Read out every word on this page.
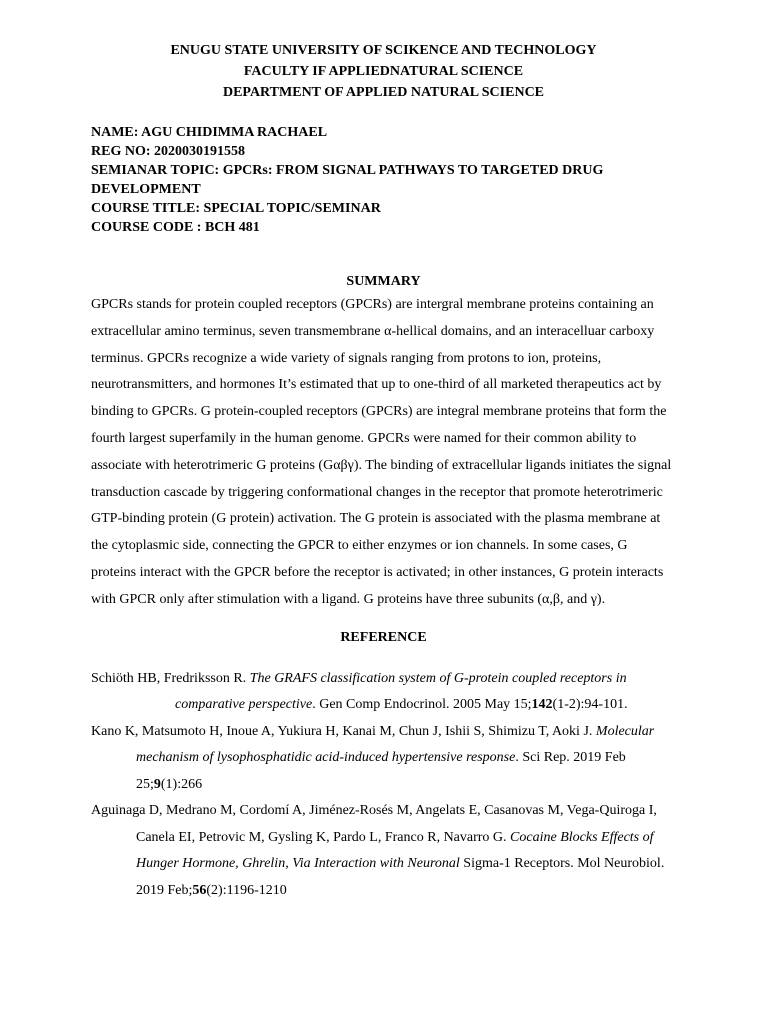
ENUGU STATE UNIVERSITY OF SCIKENCE AND TECHNOLOGY

FACULTY IF APPLIEDNATURAL SCIENCE

DEPARTMENT OF APPLIED NATURAL SCIENCE

NAME: AGU CHIDIMMA RACHAEL

REG NO: 2020030191558

SEMIANAR TOPIC: GPCRs: FROM SIGNAL PATHWAYS TO TARGETED DRUG

DEVELOPMENT

COURSE TITLE: SPECIAL TOPIC/SEMINAR

COURSE CODE : BCH 481

SUMMARY

GPCRs stands for protein coupled receptors (GPCRs) are intergral membrane proteins containing an extracellular amino terminus, seven transmembrane α-hellical domains, and an interacelluar carboxy terminus. GPCRs recognize a wide variety of signals ranging from protons to ion, proteins, neurotransmitters, and hormones It’s estimated that up to one-third of all marketed therapeutics act by binding to GPCRs. G protein-coupled receptors (GPCRs) are integral membrane proteins that form the fourth largest superfamily in the human genome. GPCRs were named for their common ability to associate with heterotrimeric G proteins (Gαβγ). The binding of extracellular ligands initiates the signal transduction cascade by triggering conformational changes in the receptor that promote heterotrimeric GTP-binding protein (G protein) activation. The G protein is associated with the plasma membrane at the cytoplasmic side, connecting the GPCR to either enzymes or ion channels. In some cases, G proteins interact with the GPCR before the receptor is activated; in other instances, G protein interacts with GPCR only after stimulation with a ligand. G proteins have three subunits (α,β, and γ).

REFERENCE

Schiöth HB, Fredriksson R. The GRAFS classification system of G-protein coupled receptors in comparative perspective. Gen Comp Endocrinol. 2005 May 15;142(1-2):94-101.

Kano K, Matsumoto H, Inoue A, Yukiura H, Kanai M, Chun J, Ishii S, Shimizu T, Aoki J. Molecular mechanism of lysophosphatidic acid-induced hypertensive response. Sci Rep. 2019 Feb 25;9(1):266

Aguinaga D, Medrano M, Cordomí A, Jiménez-Rosés M, Angelats E, Casanovas M, Vega-Quiroga I, Canela EI, Petrovic M, Gysling K, Pardo L, Franco R, Navarro G. Cocaine Blocks Effects of Hunger Hormone, Ghrelin, Via Interaction with Neuronal Sigma-1 Receptors. Mol Neurobiol. 2019 Feb;56(2):1196-1210
